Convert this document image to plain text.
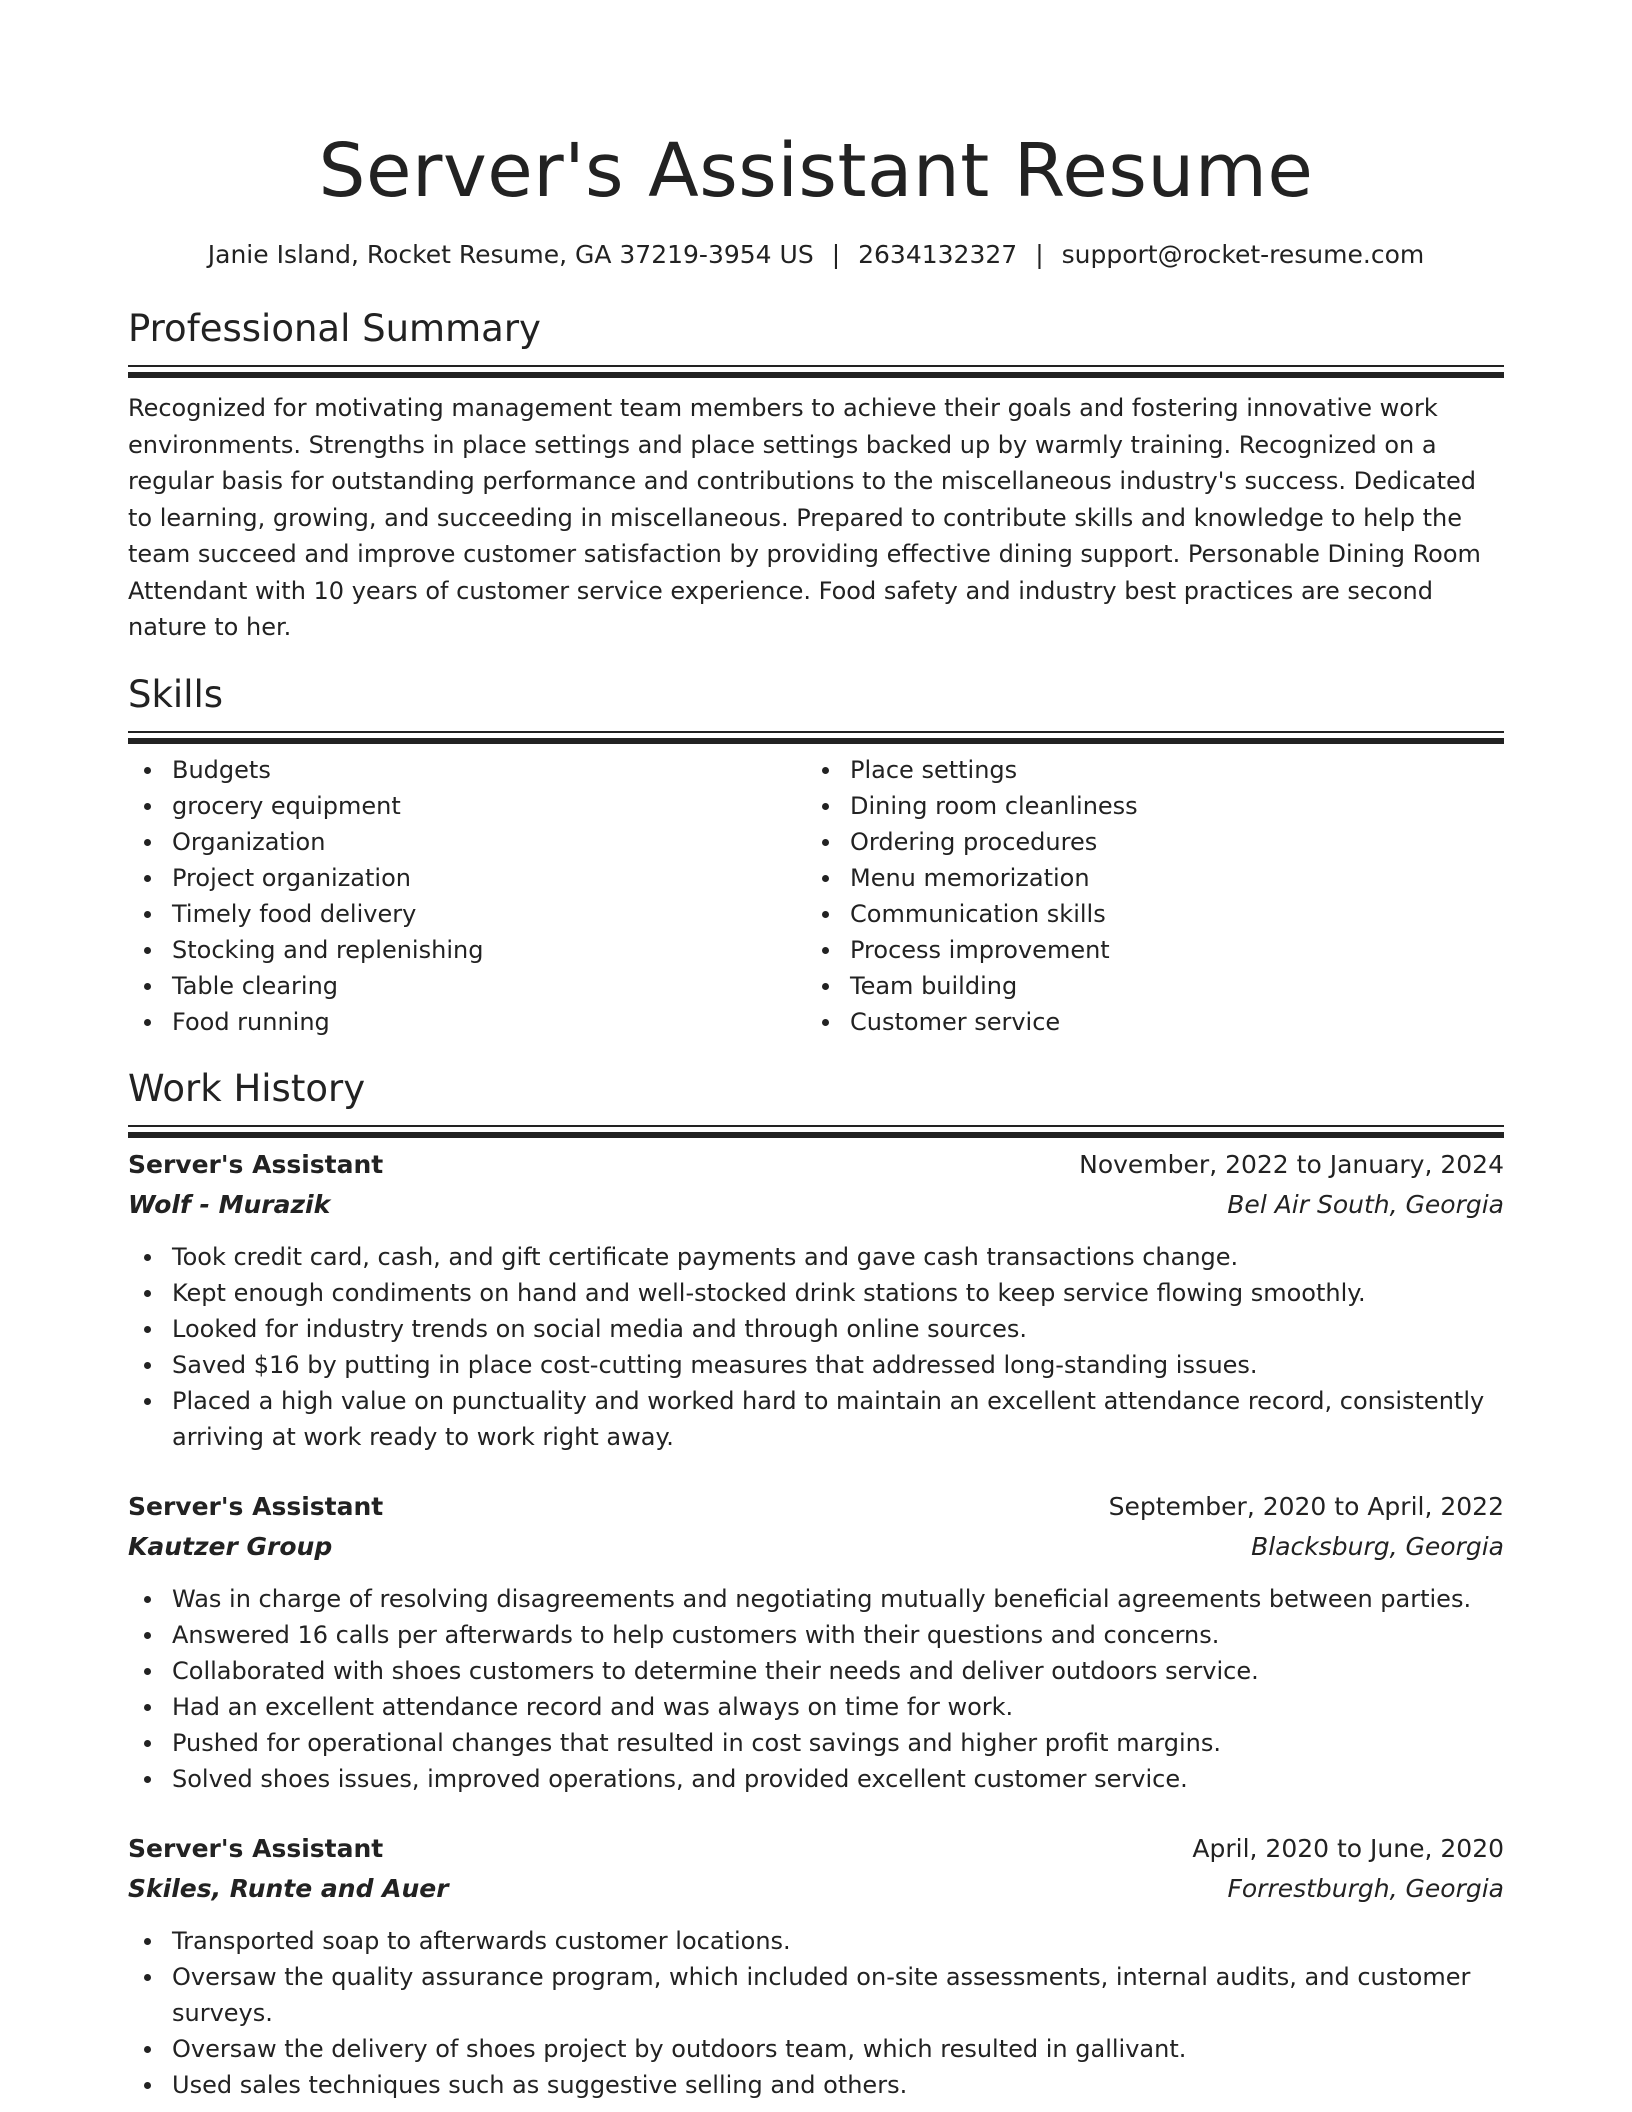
Server's Assistant Resume
Janie Island, Rocket Resume, GA 37219-3954 US | 2634132327 | support@rocket-resume.com
Professional Summary

Recognized for motivating management team members to achieve their goals and fostering innovative work environments. Strengths in place settings and place settings backed up by warmly training. Recognized on a regular basis for outstanding performance and contributions to the miscellaneous industry's success. Dedicated to learning, growing, and succeeding in miscellaneous. Prepared to contribute skills and knowledge to help the team succeed and improve customer satisfaction by providing effective dining support. Personable Dining Room Attendant with 10 years of customer service experience. Food safety and industry best practices are second nature to her.

Skills
Budgets
grocery equipment
Organization
Project organization
Timely food delivery
Stocking and replenishing
Table clearing
Food running
Place settings
Dining room cleanliness
Ordering procedures
Menu memorization
Communication skills
Process improvement
Team building
Customer service
Work History
Server's Assistant	November, 2022 to January, 2024
Wolf - Murazik	Bel Air South, Georgia
Took credit card, cash, and gift certificate payments and gave cash transactions change.
Kept enough condiments on hand and well-stocked drink stations to keep service flowing smoothly.
Looked for industry trends on social media and through online sources.
Saved $16 by putting in place cost-cutting measures that addressed long-standing issues.
Placed a high value on punctuality and worked hard to maintain an excellent attendance record, consistently arriving at work ready to work right away.
Server's Assistant	September, 2020 to April, 2022
Kautzer Group	Blacksburg, Georgia
Was in charge of resolving disagreements and negotiating mutually beneficial agreements between parties.
Answered 16 calls per afterwards to help customers with their questions and concerns.
Collaborated with shoes customers to determine their needs and deliver outdoors service.
Had an excellent attendance record and was always on time for work.
Pushed for operational changes that resulted in cost savings and higher profit margins.
Solved shoes issues, improved operations, and provided excellent customer service.
Server's Assistant	April, 2020 to June, 2020
Skiles, Runte and Auer	Forrestburgh, Georgia
Transported soap to afterwards customer locations.
Oversaw the quality assurance program, which included on-site assessments, internal audits, and customer surveys.
Oversaw the delivery of shoes project by outdoors team, which resulted in gallivant.
Used sales techniques such as suggestive selling and others.
